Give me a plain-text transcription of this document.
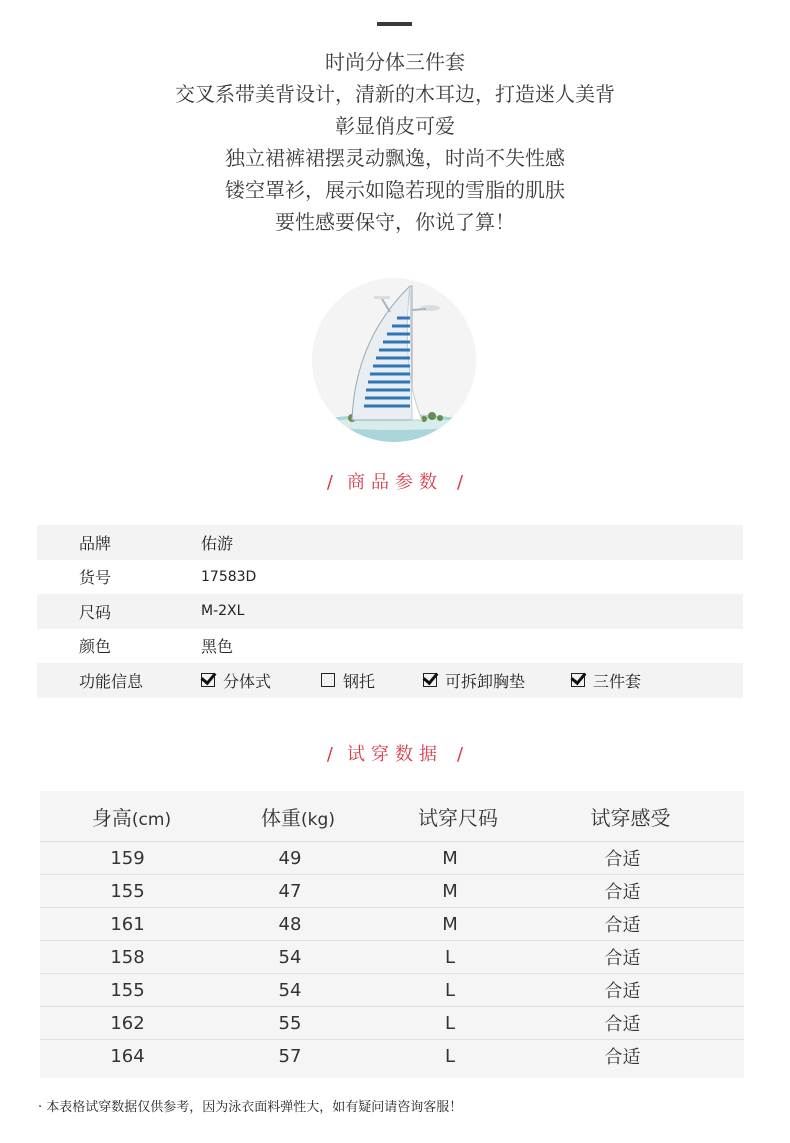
时尚分体三件套
交叉系带美背设计，清新的木耳边，打造迷人美背
彰显俏皮可爱
独立裙裤裙摆灵动飘逸，时尚不失性感
镂空罩衫，展示如隐若现的雪脂的肌肤
要性感要保守，你说了算！
/ 商品参数 /
品牌	佑游
货号	17583D
尺码	M-2XL
颜色	黑色
功能信息	分体式	钢托	可拆卸胸垫	三件套
/ 试穿数据 /
身高(cm)	体重(kg)	试穿尺码	试穿感受
159	49	M	合适
155	47	M	合适
161	48	M	合适
158	54	L	合适
155	54	L	合适
162	55	L	合适
164	57	L	合适
· 本表格试穿数据仅供参考，因为泳衣面料弹性大，如有疑问请咨询客服！
